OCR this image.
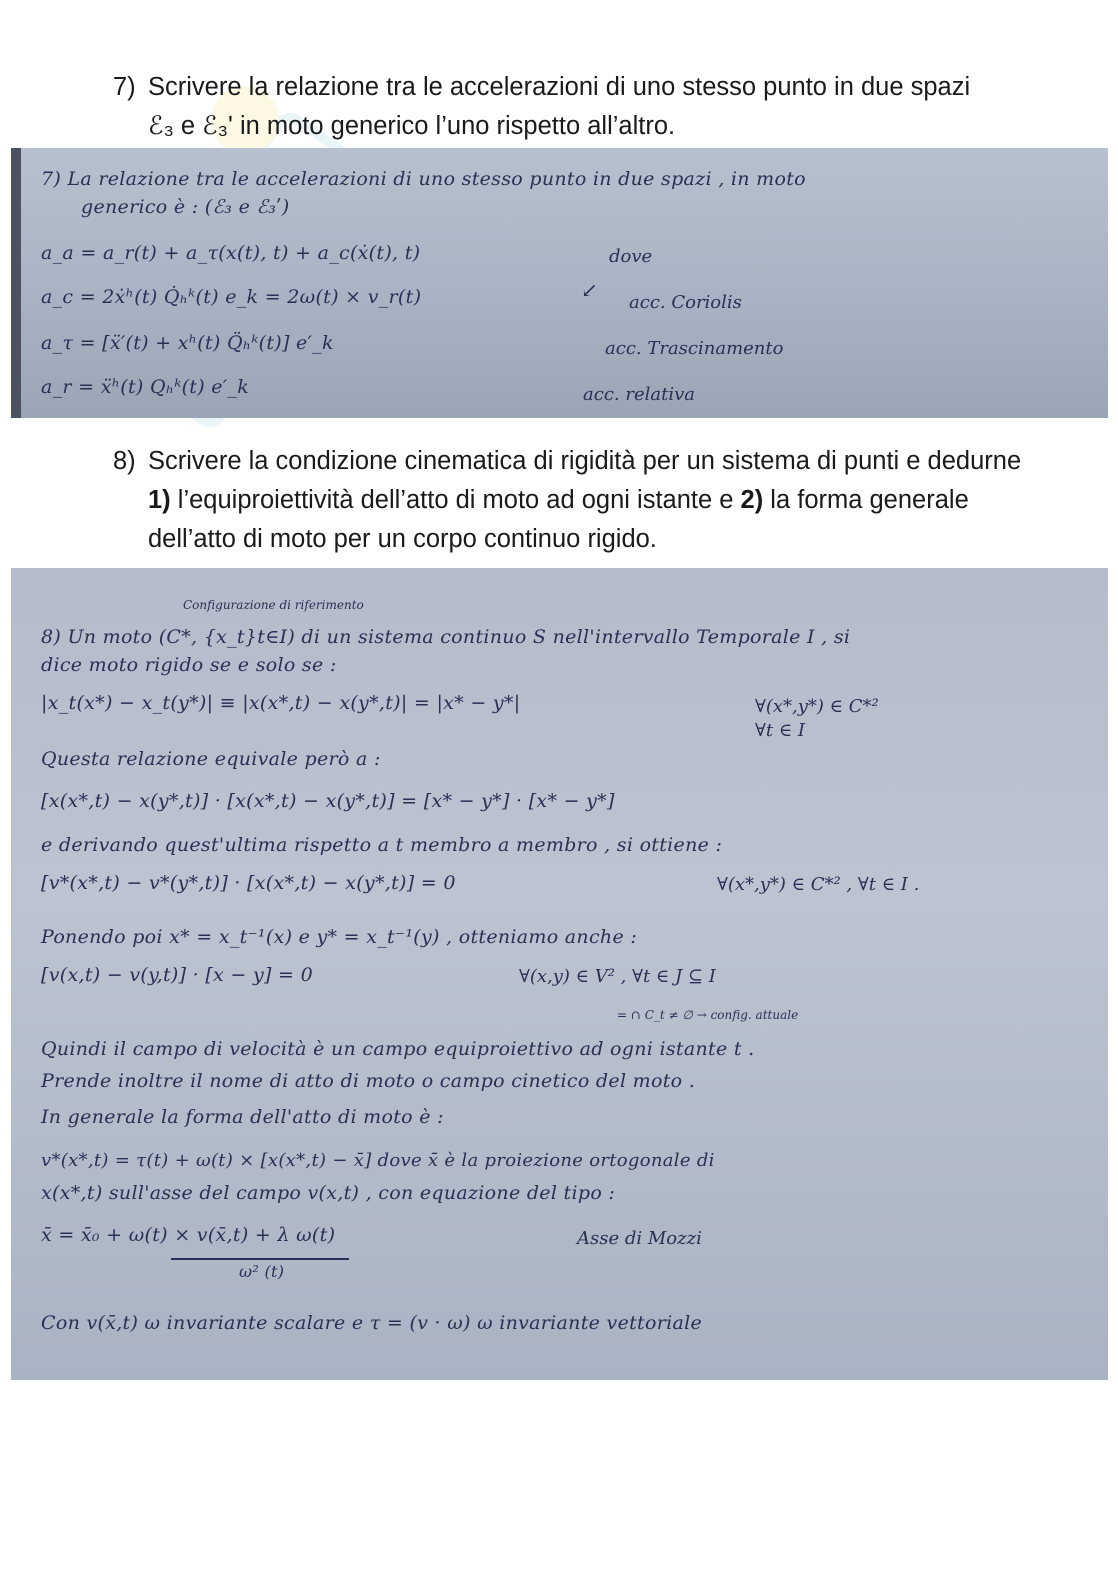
7) Scrivere la relazione tra le accelerazioni di uno stesso punto in due spazi
ℰ₃ e ℰ₃ʹ in moto generico l’uno rispetto all’altro.
7) La relazione tra le accelerazioni di uno stesso punto in due spazi , in moto
generico è : (ℰ₃ e ℰ₃ʹ)
a_a = a_r(t) + a_τ(x(t), t) + a_c(ẋ(t), t)
a_c = 2ẋʰ(t) Q̇ₕᵏ(t) e_k = 2ω(t) × v_r(t)
a_τ = [ẍ′(t) + xʰ(t) Q̈ₕᵏ(t)] e′_k
a_r = ẍʰ(t) Qₕᵏ(t) e′_k
dove
↙
acc. Coriolis
acc. Trascinamento
acc. relativa
8) Scrivere la condizione cinematica di rigidità per un sistema di punti e dedurne 1) l’equiproiettività dell’atto di moto ad ogni istante e 2) la forma generale dell’atto di moto per un corpo continuo rigido.
Configurazione di riferimento
8) Un moto (C*, {x_t}t∈I) di un sistema continuo S nell'intervallo Temporale I , si
dice moto rigido se e solo se :
|x_t(x*) − x_t(y*)| ≡ |x(x*,t) − x(y*,t)| = |x* − y*|
Questa relazione equivale però a :
[x(x*,t) − x(y*,t)] · [x(x*,t) − x(y*,t)] = [x* − y*] · [x* − y*]
e derivando quest'ultima rispetto a t membro a membro , si ottiene :
[v*(x*,t) − v*(y*,t)] · [x(x*,t) − x(y*,t)] = 0
Ponendo poi x* = x_t⁻¹(x) e y* = x_t⁻¹(y) , otteniamo anche :
[v(x,t) − v(y,t)] · [x − y] = 0
Quindi il campo di velocità è un campo equiproiettivo ad ogni istante t .
Prende inoltre il nome di atto di moto o campo cinetico del moto .
In generale la forma dell'atto di moto è :
v*(x*,t) = τ(t) + ω(t) × [x(x*,t) − x̄] dove x̄ è la proiezione ortogonale di
x(x*,t) sull'asse del campo v(x,t) , con equazione del tipo :
x̄ = x̄₀ + ω(t) × v(x̄,t) + λ ω(t)
ω² (t)
Con v(x̄,t) ω invariante scalare e τ = (v · ω) ω invariante vettoriale
∀(x*,y*) ∈ C*²
∀t ∈ I
∀(x*,y*) ∈ C*² , ∀t ∈ I .
∀(x,y) ∈ V² , ∀t ∈ J ⊆ I
= ∩ C_t ≠ ∅ → config. attuale
Asse di Mozzi
